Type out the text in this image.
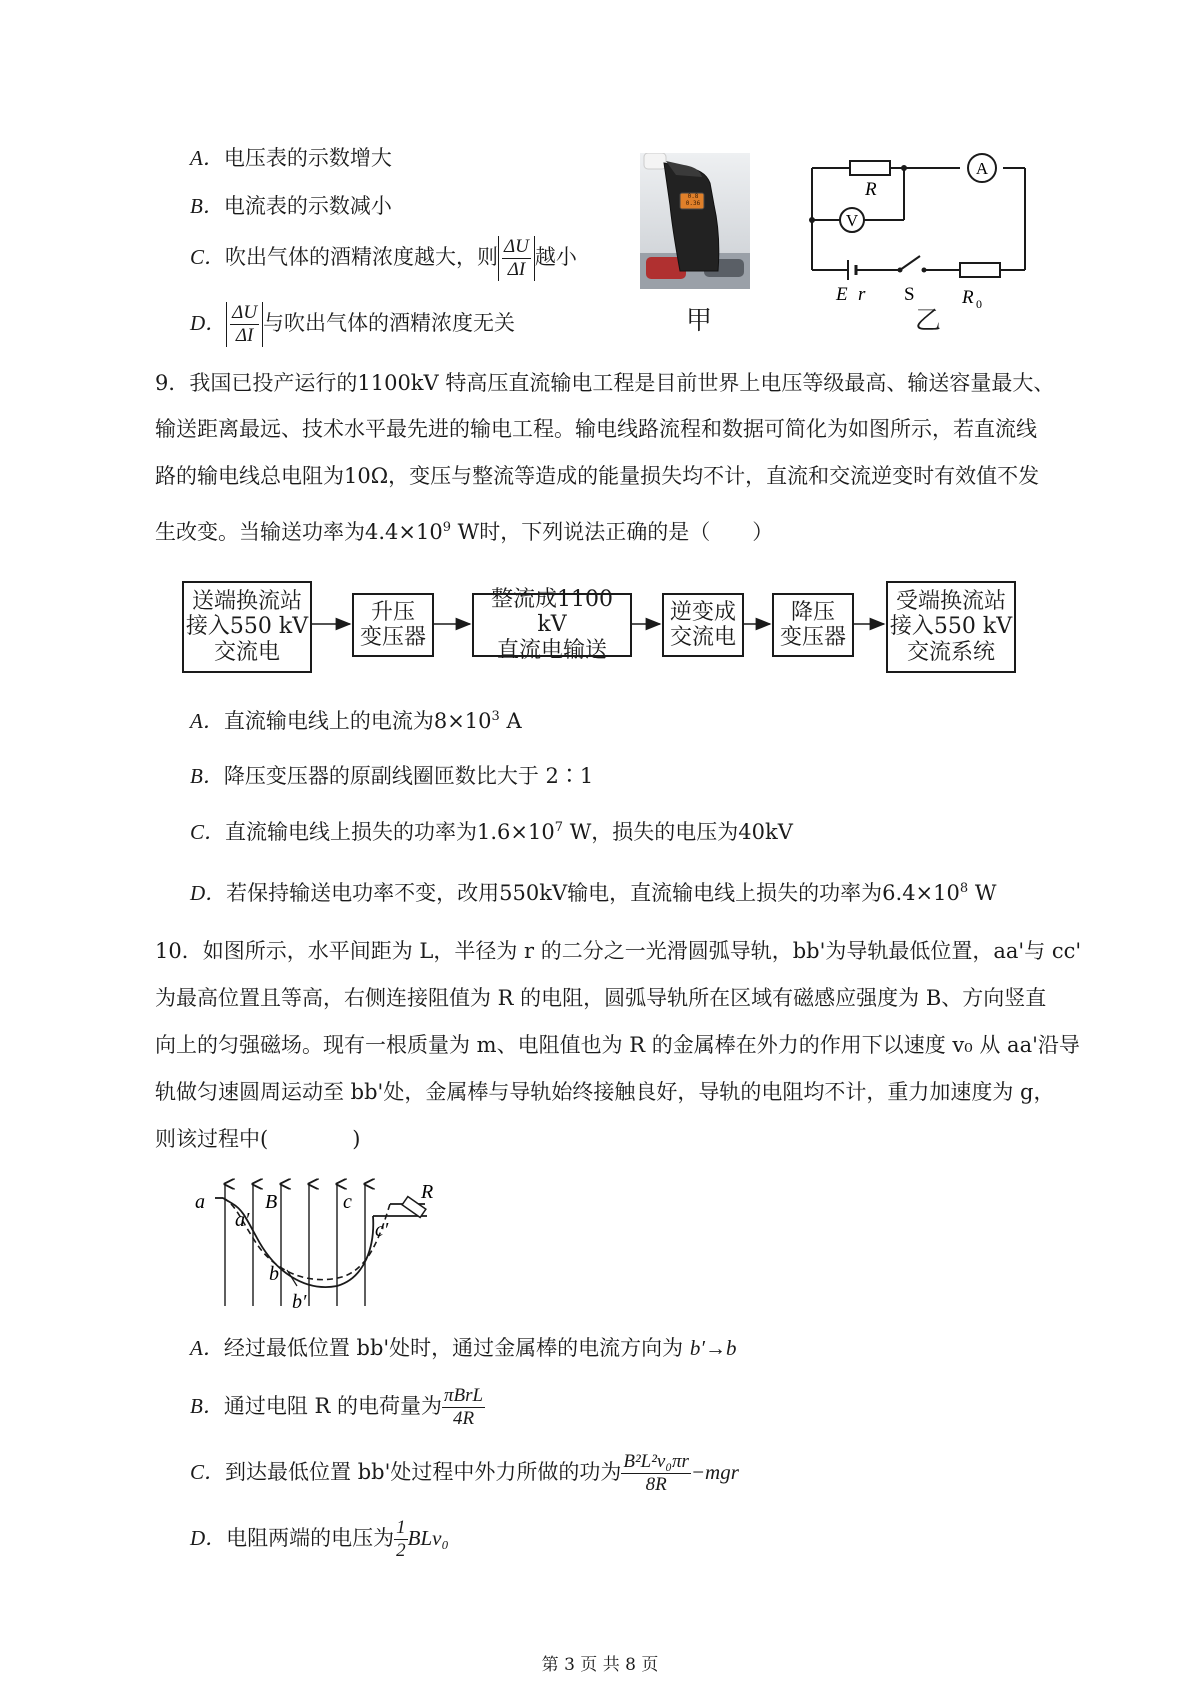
A．电压表的示数增大
B．电流表的示数减小
C．吹出气体的酒精浓度越大，则 $\frac{\Delta U}{\Delta I}$ 越小
D． $\frac{\Delta U}{\Delta I}$ 与吹出气体的酒精浓度无关
0.8
0.36
甲
A
V
R
E r S R 0
乙
9．我国已投产运行的1100kV 特高压直流输电工程是目前世界上电压等级最高、输送容量最大、
输送距离最远、技术水平最先进的输电工程。输电线路流程和数据可简化为如图所示，若直流线
路的输电线总电阻为10Ω，变压与整流等造成的能量损失均不计，直流和交流逆变时有效值不发
生改变。当输送功率为$4.4\times 10^9$ W时，下列说法正确的是（　　）
送端换流站
接入550 kV
交流电
升压
变压器
整流成1100 kV
直流电输送
逆变成
交流电
降压
变压器
受端换流站
接入550 kV
交流系统
A．直流输电线上的电流为$8\times 10^3$ A
B．降压变压器的原副线圈匝数比大于 2∶1
C．直流输电线上损失的功率为$1.6\times 10^7$ W，损失的电压为40kV
D．若保持输送电功率不变，改用550kV输电，直流输电线上损失的功率为$6.4\times 10^8$ W
10．如图所示，水平间距为 L，半径为 r 的二分之一光滑圆弧导轨，bb'为导轨最低位置，aa'与 cc'
为最高位置且等高，右侧连接阻值为 R 的电阻，圆弧导轨所在区域有磁感应强度为 B、方向竖直
向上的匀强磁场。现有一根质量为 m、电阻值也为 R 的金属棒在外力的作用下以速度 v₀ 从 aa'沿导
轨做匀速圆周运动至 bb'处，金属棒与导轨始终接触良好，导轨的电阻均不计，重力加速度为 g，
则该过程中(　　　　)
a
a′
B
b
b′
c
c′
R
A．经过最低位置 bb'处时，通过金属棒的电流方向为 b′→b
B．通过电阻 R 的电荷量为 $\frac{\text{πBrL}}{4R}$
C．到达最低位置 bb'处过程中外力所做的功为 $\frac{\text{B²L²v₀πr}}{8R} -mgr$
D．电阻两端的电压为 $\frac{1}{2} BLv_0$
第 3 页 共 8 页
